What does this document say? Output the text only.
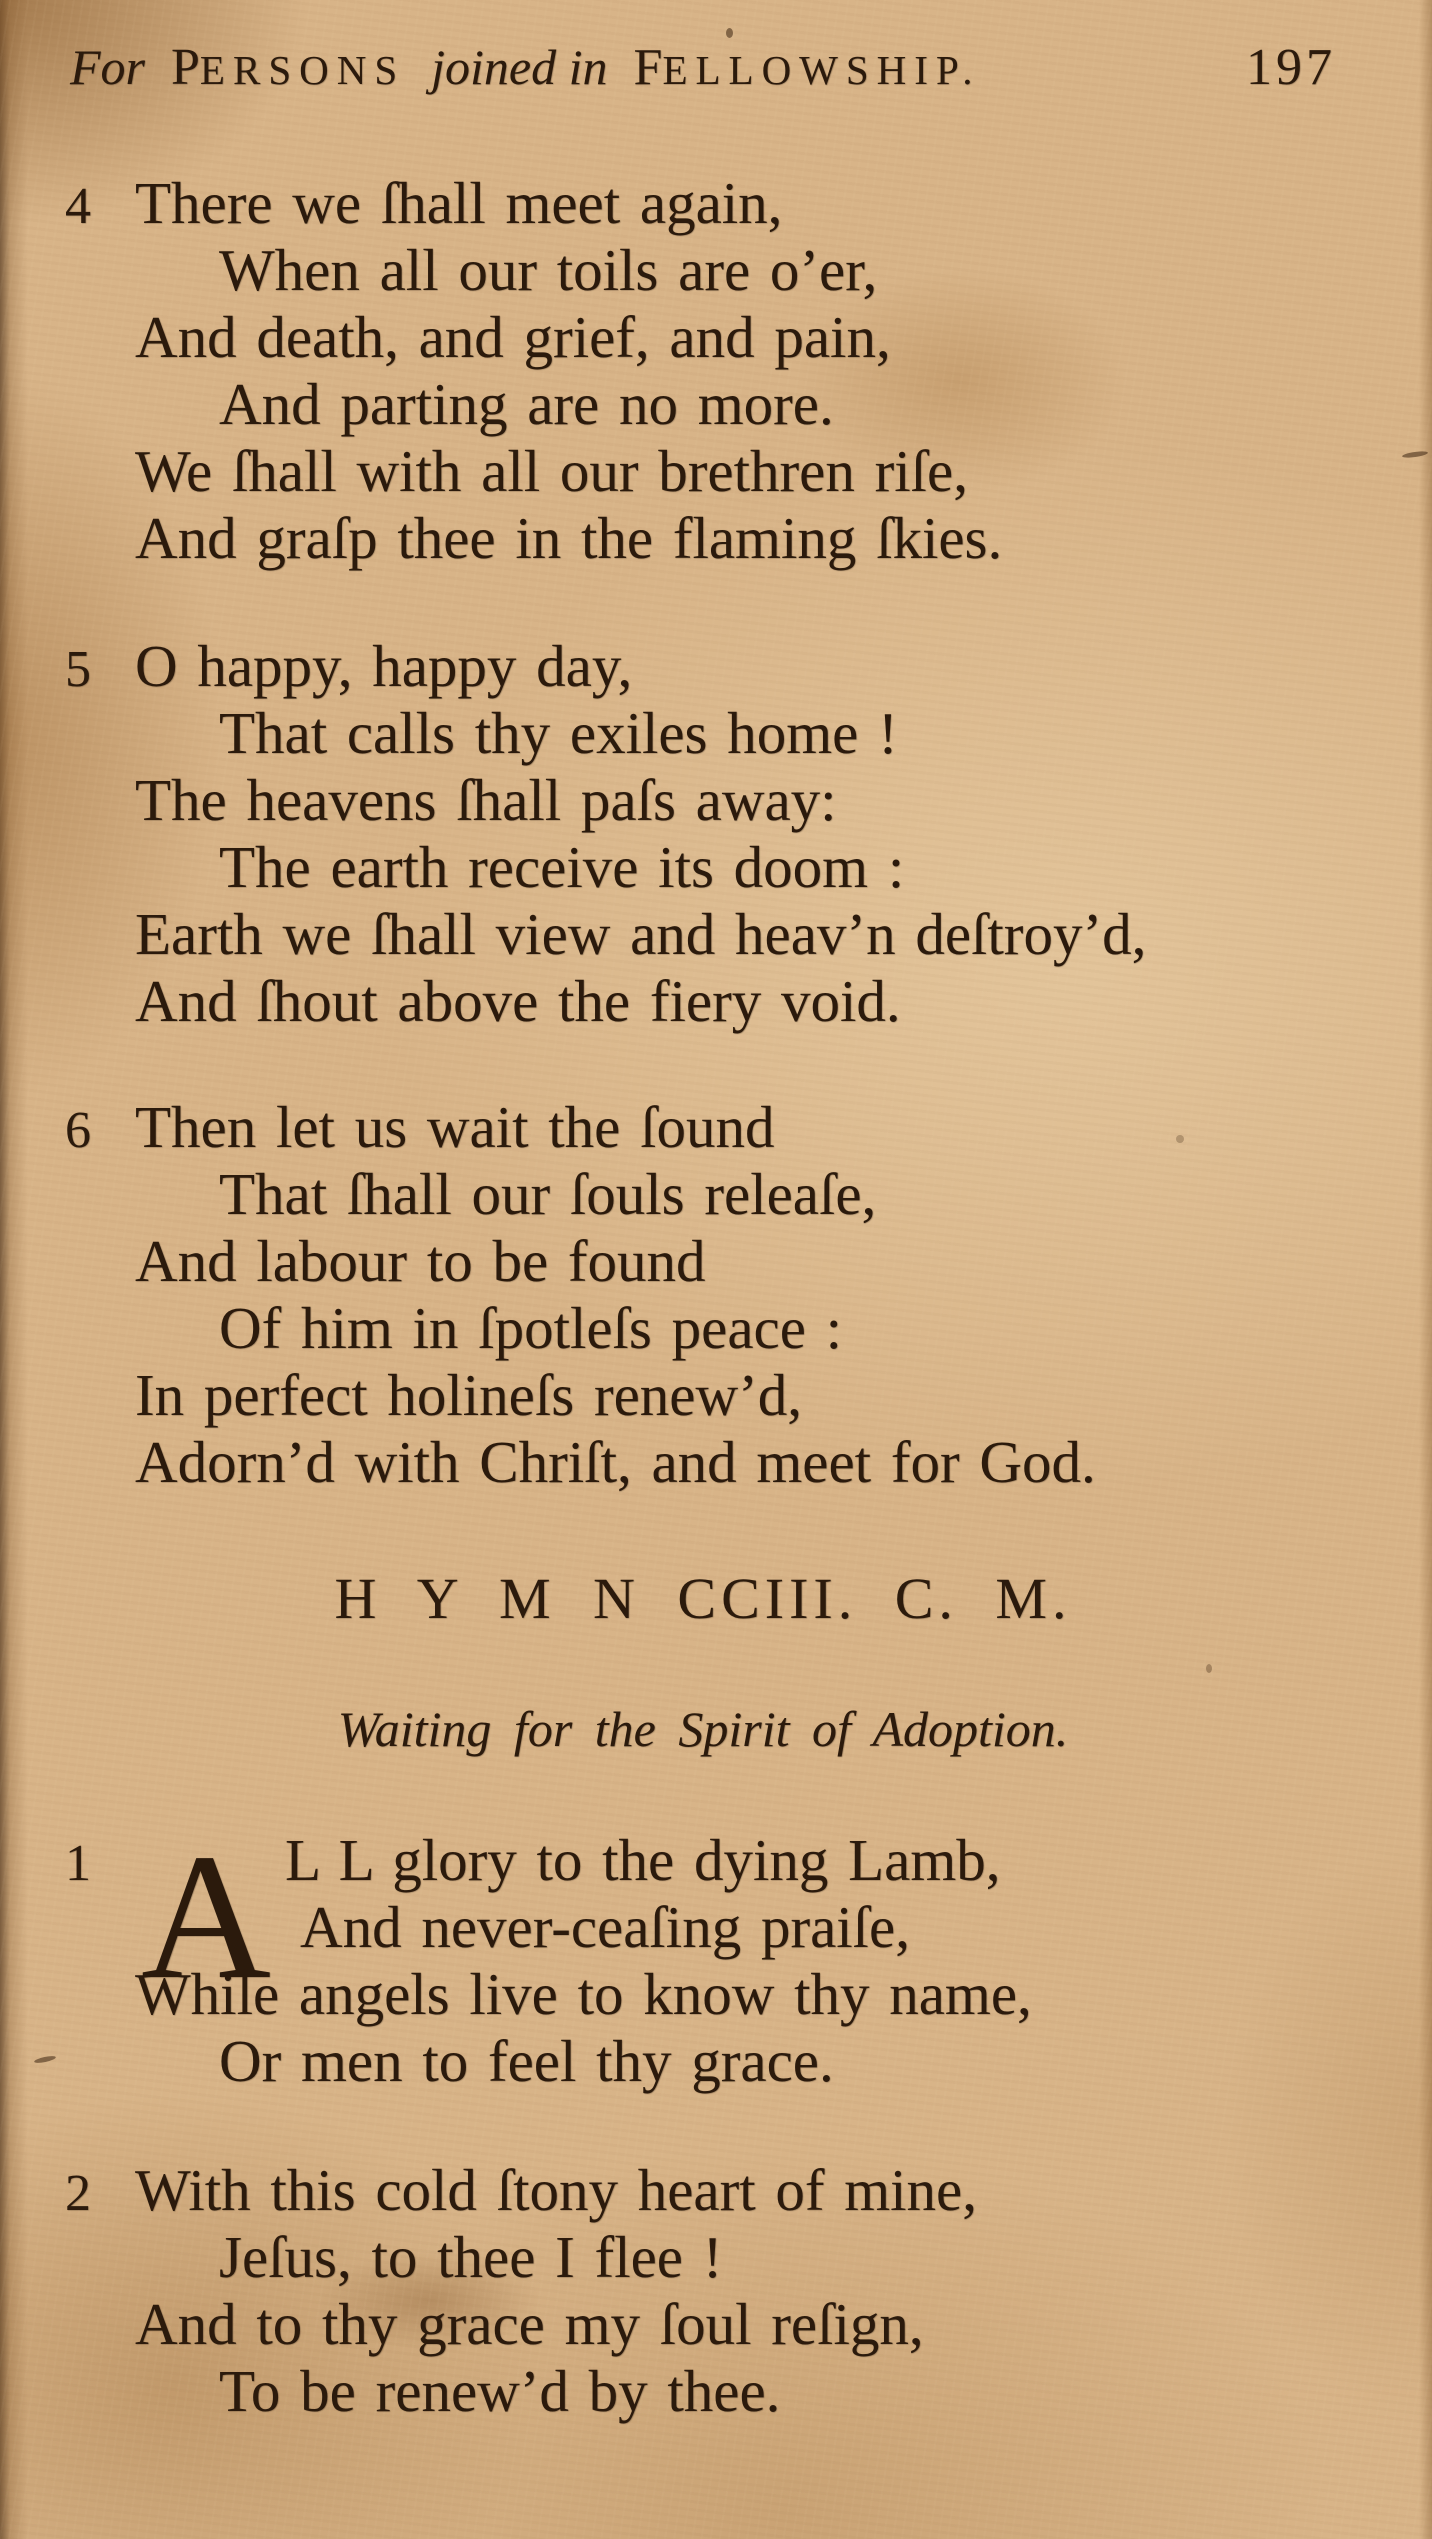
For PERSONS joined in FELLOWSHIP.	197
4 There we ſhall meet again,
When all our toils are o’er,
And death, and grief, and pain,
And parting are no more.
We ſhall with all our brethren riſe,
And graſp thee in the flaming ſkies.
5 O happy, happy day,
That calls thy exiles home !
The heavens ſhall paſs away:
The earth receive its doom :
Earth we ſhall view and heav’n deſtroy’d,
And ſhout above the fiery void.
6 Then let us wait the ſound
That ſhall our ſouls releaſe,
And labour to be found
Of him in ſpotleſs peace :
In perfect holineſs renew’d,
Adorn’d with Chriſt, and meet for God.
H Y M N CCIII. C. M.
Waiting for the Spirit of Adoption.
1 A L L glory to the dying Lamb,
And never-ceaſing praiſe,
While angels live to know thy name,
Or men to feel thy grace.
2 With this cold ſtony heart of mine,
Jeſus, to thee I flee !
And to thy grace my ſoul reſign,
To be renew’d by thee.
